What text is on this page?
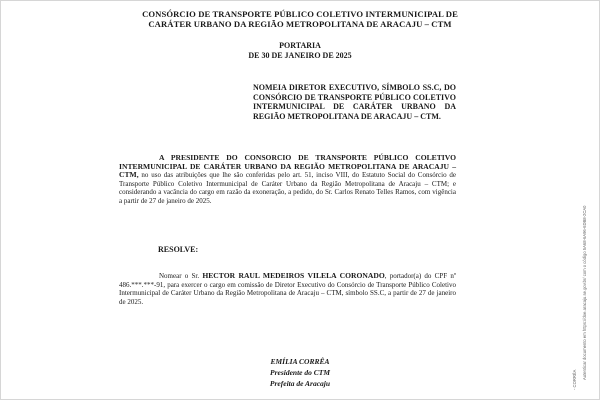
CONSÓRCIO DE TRANSPORTE PÚBLICO COLETIVO INTERMUNICIPAL DE
CARÁTER URBANO DA REGIÃO METROPOLITANA DE ARACAJU – CTM
PORTARIA
DE 30 DE JANEIRO DE 2025
NOMEIA DIRETOR EXECUTIVO, SÍMBOLO SS.C, DO CONSÓRCIO DE TRANSPORTE PÚBLICO COLETIVO INTERMUNICIPAL DE CARÁTER URBANO DA REGIÃO METROPOLITANA DE ARACAJU – CTM.
A PRESIDENTE DO CONSORCIO DE TRANSPORTE PÚBLICO COLETIVO INTERMUNICIPAL DE CARÁTER URBANO DA REGIÃO METROPOLITANA DE ARACAJU – CTM, no uso das atribuições que lhe são conferidas pelo art. 51, inciso VIII, do Estatuto Social do Consórcio de Transporte Público Coletivo Intermunicipal de Caráter Urbano da Região Metropolitana de Aracaju – CTM; e considerando a vacância do cargo em razão da exoneração, a pedido, do Sr. Carlos Renato Telles Ramos, com vigência a partir de 27 de janeiro de 2025.
RESOLVE:
Nomear o Sr. HECTOR RAUL MEDEIROS VILELA CORONADO, portador(a) do CPF nº 486.***.***-91, para exercer o cargo em comissão de Diretor Executivo do Consórcio de Transporte Público Coletivo Intermunicipal de Caráter Urbano da Região Metropolitana de Aracaju – CTM, símbolo SS.C, a partir de 27 de janeiro de 2025.
EMÍLIA CORRÊA
Presidente do CTM
Prefeita de Aracaju
Autenticar documento em https://doe.aracaju.se.gov.br/ com o código 5A68-6A96-6DB8-2CA0
- CORRÊA
